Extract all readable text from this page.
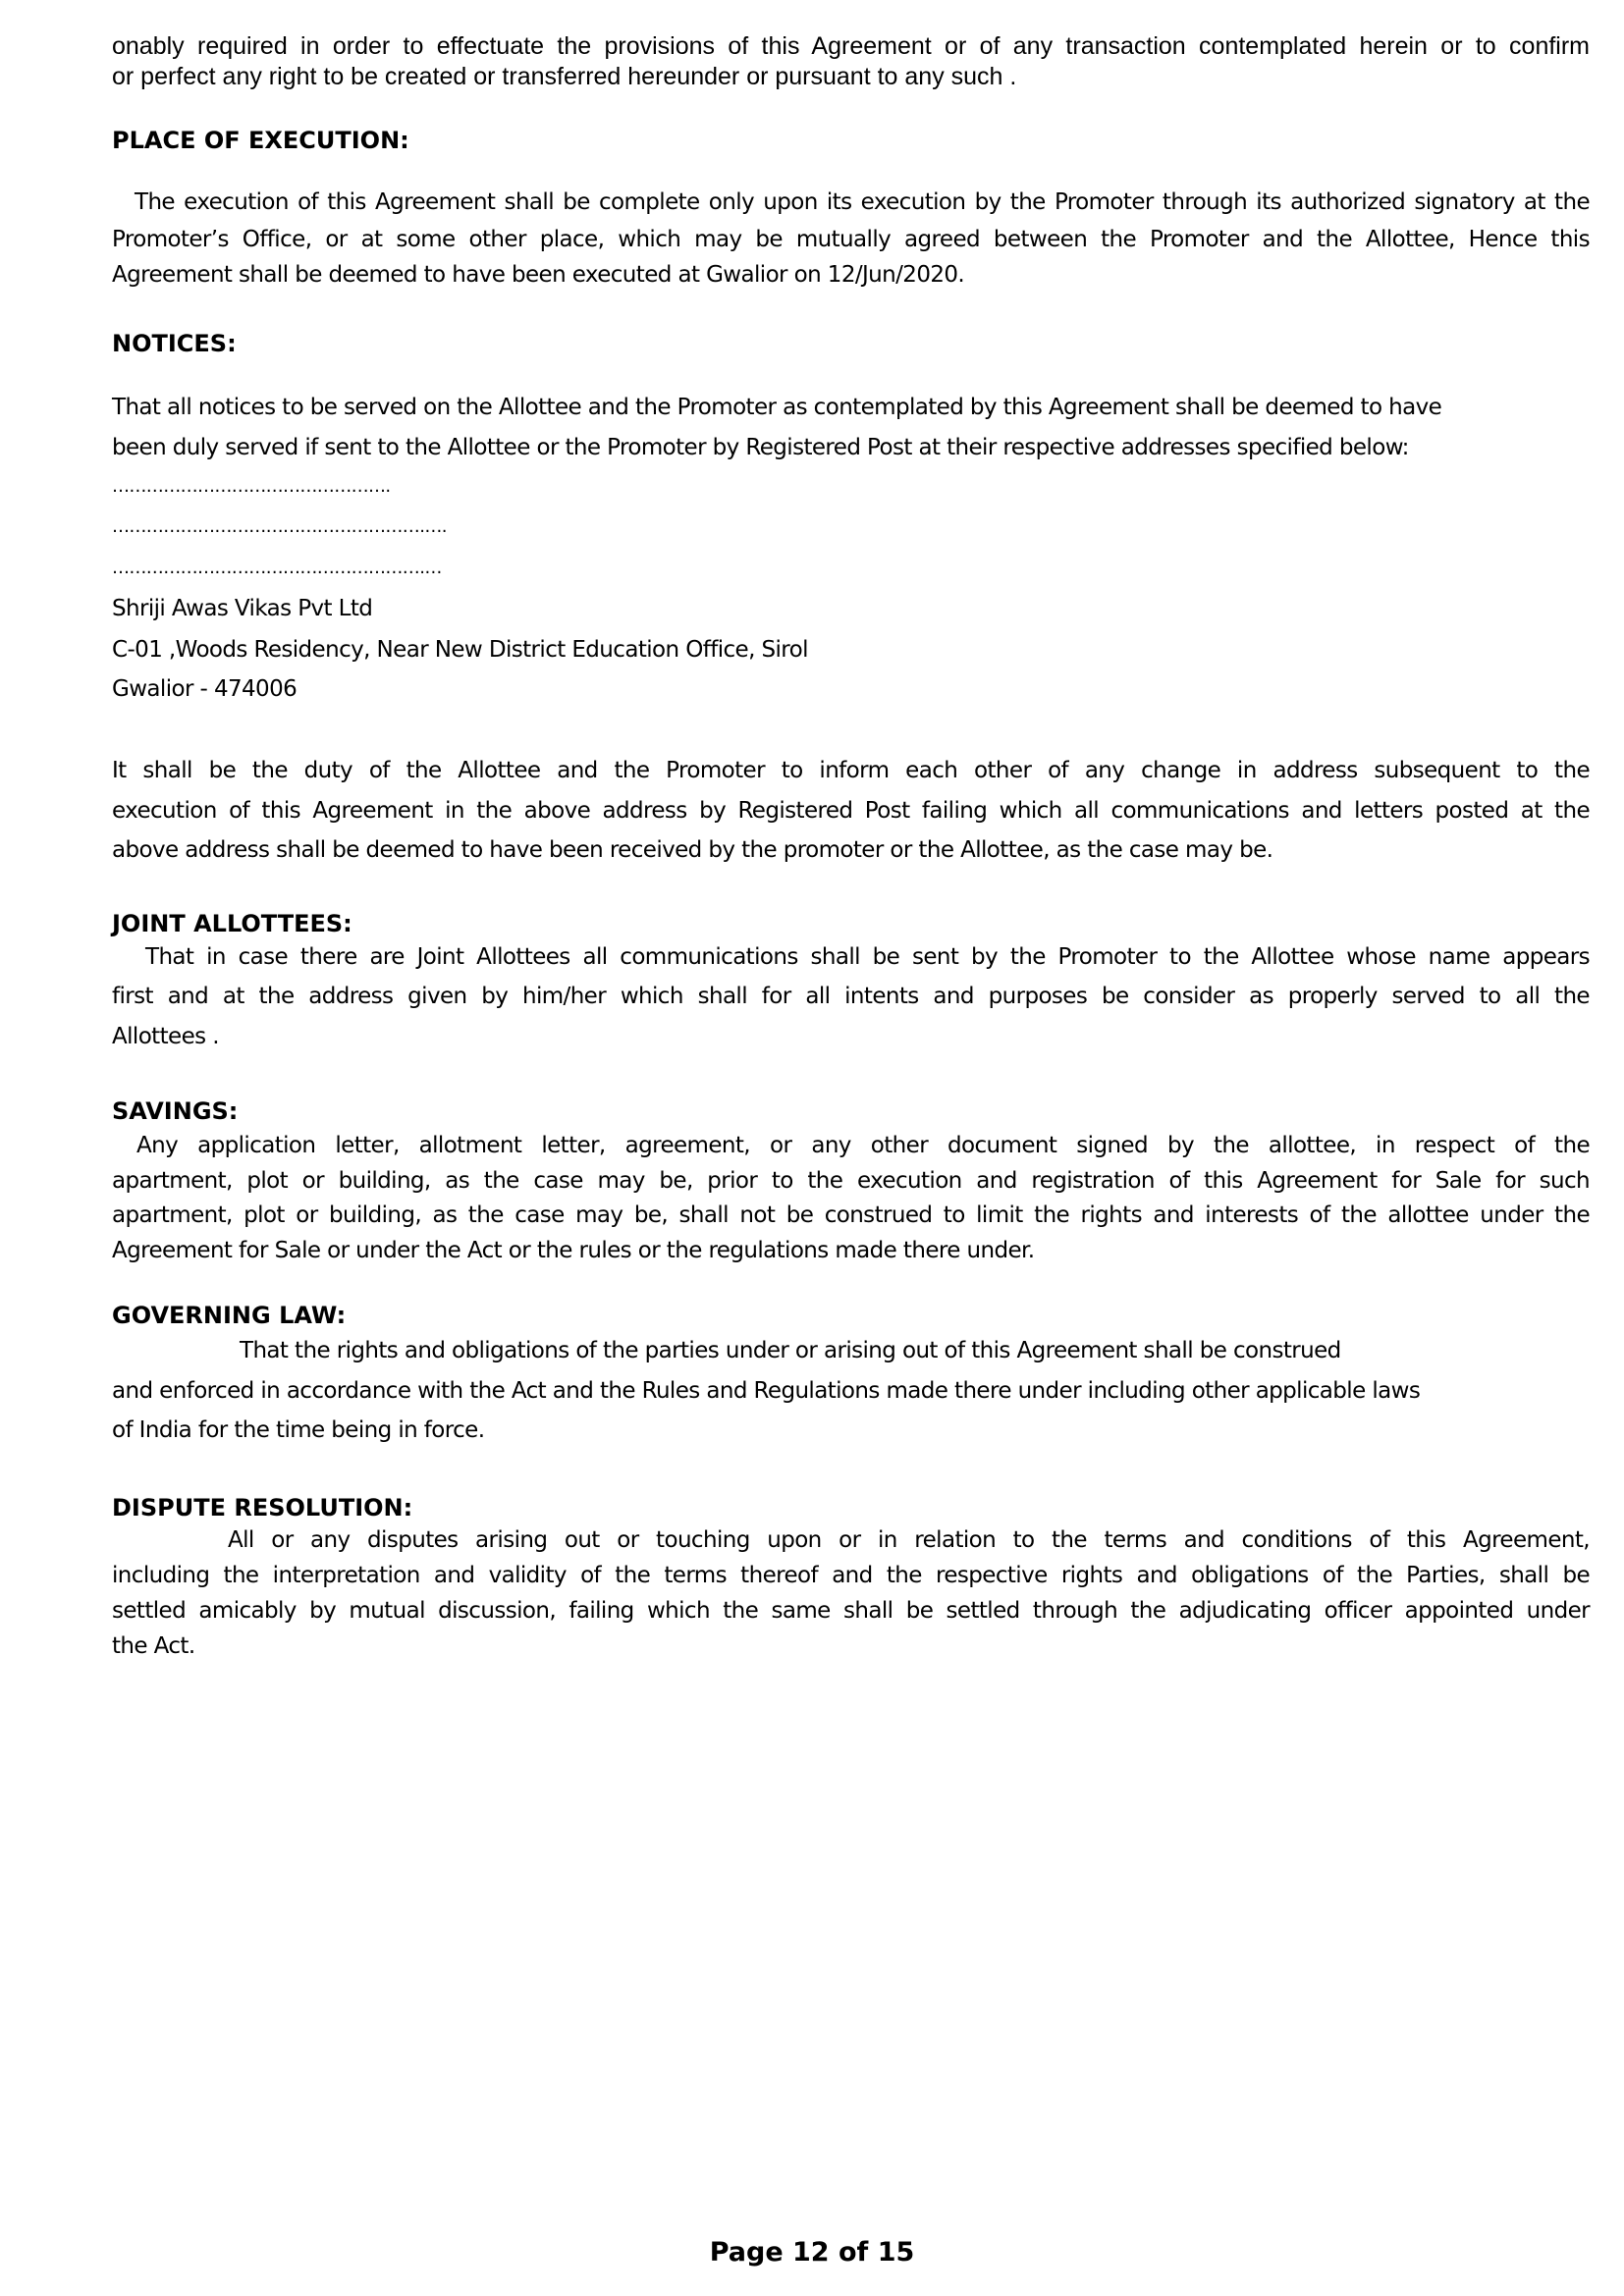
onably required in order to effectuate the provisions of this Agreement or of any transaction contemplated herein or to confirm
or perfect any right to be created or transferred hereunder or pursuant to any such .
PLACE OF EXECUTION:
The execution of this Agreement shall be complete only upon its execution by the Promoter through its authorized signatory at the
Promoter’s Office, or at some other place, which may be mutually agreed between the Promoter and the Allottee, Hence this
Agreement shall be deemed to have been executed at Gwalior on 12/Jun/2020.
NOTICES:
That all notices to be served on the Allottee and the Promoter as contemplated by this Agreement shall be deemed to have
been duly served if sent to the Allottee or the Promoter by Registered Post at their respective addresses specified below:
………………………………………….
……………………………………………….….
……………………………………………….…
Shriji Awas Vikas Pvt Ltd
C-01 ,Woods Residency, Near New District Education Office, Sirol
Gwalior - 474006
It shall be the duty of the Allottee and the Promoter to inform each other of any change in address subsequent to the
execution of this Agreement in the above address by Registered Post failing which all communications and letters posted at the
above address shall be deemed to have been received by the promoter or the Allottee, as the case may be.
JOINT ALLOTTEES:
That in case there are Joint Allottees all communications shall be sent by the Promoter to the Allottee whose name appears
first and at the address given by him/her which shall for all intents and purposes be consider as properly served to all the
Allottees .
SAVINGS:
Any application letter, allotment letter, agreement, or any other document signed by the allottee, in respect of the
apartment, plot or building, as the case may be, prior to the execution and registration of this Agreement for Sale for such
apartment, plot or building, as the case may be, shall not be construed to limit the rights and interests of the allottee under the
Agreement for Sale or under the Act or the rules or the regulations made there under.
GOVERNING LAW:
That the rights and obligations of the parties under or arising out of this Agreement shall be construed
and enforced in accordance with the Act and the Rules and Regulations made there under including other applicable laws
of India for the time being in force.
DISPUTE RESOLUTION:
All or any disputes arising out or touching upon or in relation to the terms and conditions of this Agreement,
including the interpretation and validity of the terms thereof and the respective rights and obligations of the Parties, shall be
settled amicably by mutual discussion, failing which the same shall be settled through the adjudicating officer appointed under
the Act.
Page 12 of 15
